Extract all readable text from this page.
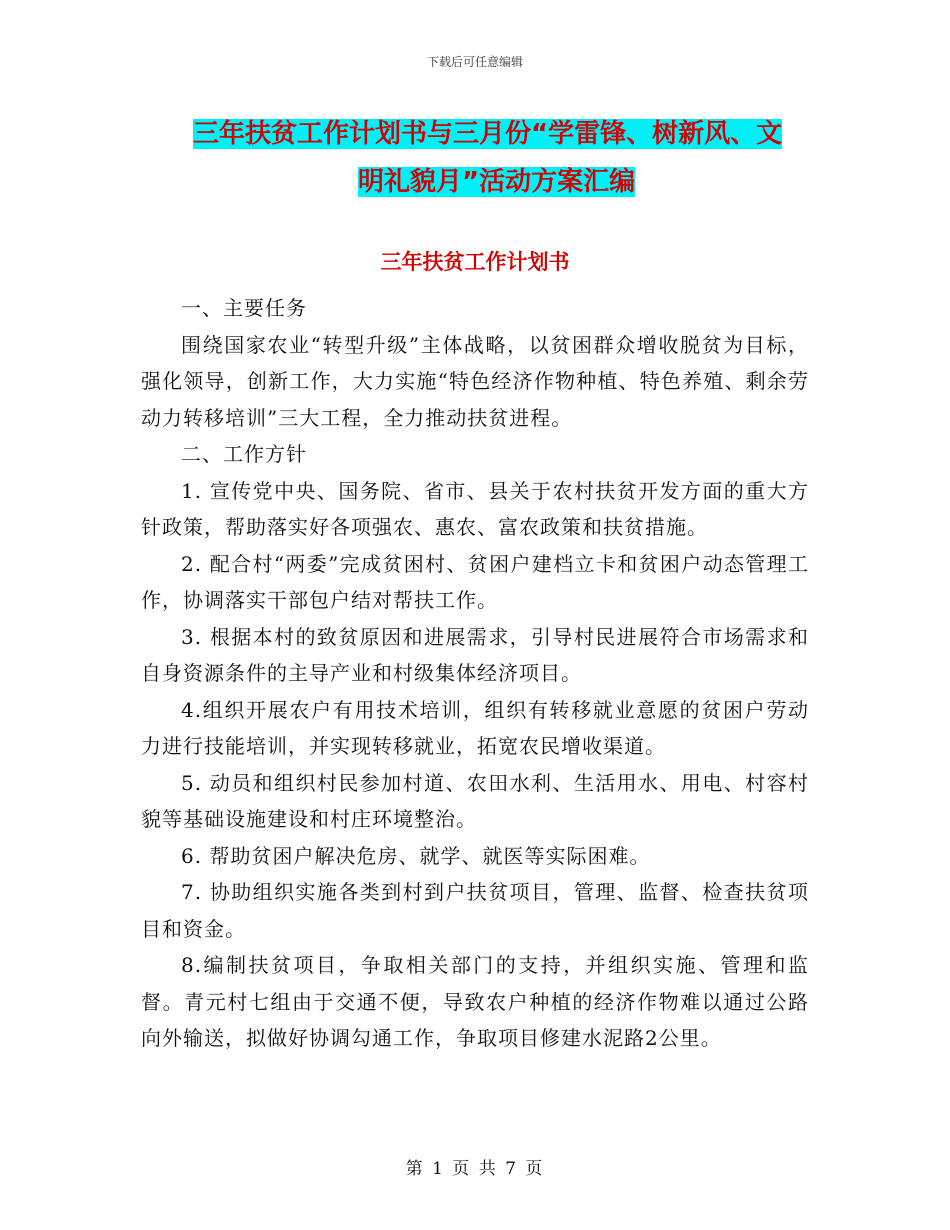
下载后可任意编辑
三年扶贫工作计划书与三月份“学雷锋、树新风、文
明礼貌月”活动方案汇编
三年扶贫工作计划书

一、主要任务

围绕国家农业“转型升级”主体战略，以贫困群众增收脱贫为目标，强化领导，创新工作，大力实施“特色经济作物种植、特色养殖、剩余劳动力转移培训”三大工程，全力推动扶贫进程。

二、工作方针

1. 宣传党中央、国务院、省市、县关于农村扶贫开发方面的重大方针政策，帮助落实好各项强农、惠农、富农政策和扶贫措施。

2. 配合村“两委”完成贫困村、贫困户建档立卡和贫困户动态管理工作，协调落实干部包户结对帮扶工作。

3. 根据本村的致贫原因和进展需求，引导村民进展符合市场需求和自身资源条件的主导产业和村级集体经济项目。

4.组织开展农户有用技术培训，组织有转移就业意愿的贫困户劳动力进行技能培训，并实现转移就业，拓宽农民增收渠道。

5. 动员和组织村民参加村道、农田水利、生活用水、用电、村容村貌等基础设施建设和村庄环境整治。

6. 帮助贫困户解决危房、就学、就医等实际困难。

7. 协助组织实施各类到村到户扶贫项目，管理、监督、检查扶贫项目和资金。

8.编制扶贫项目，争取相关部门的支持，并组织实施、管理和监督。青元村七组由于交通不便，导致农户种植的经济作物难以通过公路向外输送，拟做好协调勾通工作，争取项目修建水泥路2公里。

第 1 页 共 7 页
